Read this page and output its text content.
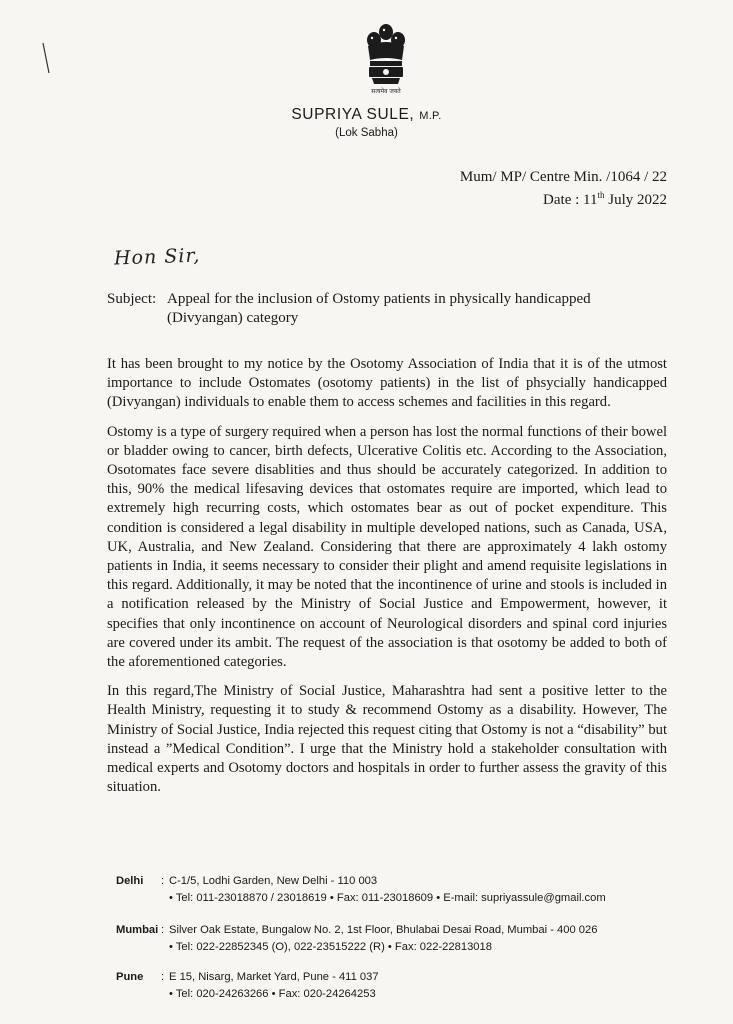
सत्यमेव जयते
SUPRIYA SULE, M.P.
(Lok Sabha)
Mum/ MP/ Centre Min. /1064 / 22
Date : 11th July 2022
Hon Sir,
Subject: Appeal for the inclusion of Ostomy patients in physically handicapped
(Divyangan) category

It has been brought to my notice by the Osotomy Association of India that it is of the utmost importance to include Ostomates (osotomy patients) in the list of phsycially handicapped (Divyangan) individuals to enable them to access schemes and facilities in this regard.

Ostomy is a type of surgery required when a person has lost the normal functions of their bowel or bladder owing to cancer, birth defects, Ulcerative Colitis etc. According to the Association, Osotomates face severe disablities and thus should be accurately categorized. In addition to this, 90% the medical lifesaving devices that ostomates require are imported, which lead to extremely high recurring costs, which ostomates bear as out of pocket expenditure. This condition is considered a legal disability in multiple developed nations, such as Canada, USA, UK, Australia, and New Zealand. Considering that there are approximately 4 lakh ostomy patients in India, it seems necessary to consider their plight and amend requisite legislations in this regard. Additionally, it may be noted that the incontinence of urine and stools is included in a notification released by the Ministry of Social Justice and Empowerment, however, it specifies that only incontinence on account of Neurological disorders and spinal cord injuries are covered under its ambit. The request of the association is that osotomy be added to both of the aforementioned categories.

In this regard,The Ministry of Social Justice, Maharashtra had sent a positive letter to the Health Ministry, requesting it to study & recommend Ostomy as a disability. However, The Ministry of Social Justice, India rejected this request citing that Ostomy is not a “disability” but instead a ”Medical Condition”. I urge that the Ministry hold a stakeholder consultation with medical experts and Osotomy doctors and hospitals in order to further assess the gravity of this situation.

Delhi : C-1/5, Lodhi Garden, New Delhi - 110 003
• Tel: 011-23018870 / 23018619 • Fax: 011-23018609 • E-mail: supriyassule@gmail.com
Mumbai : Silver Oak Estate, Bungalow No. 2, 1st Floor, Bhulabai Desai Road, Mumbai - 400 026
• Tel: 022-22852345 (O), 022-23515222 (R) • Fax: 022-22813018
Pune : E 15, Nisarg, Market Yard, Pune - 411 037
• Tel: 020-24263266 • Fax: 020-24264253
